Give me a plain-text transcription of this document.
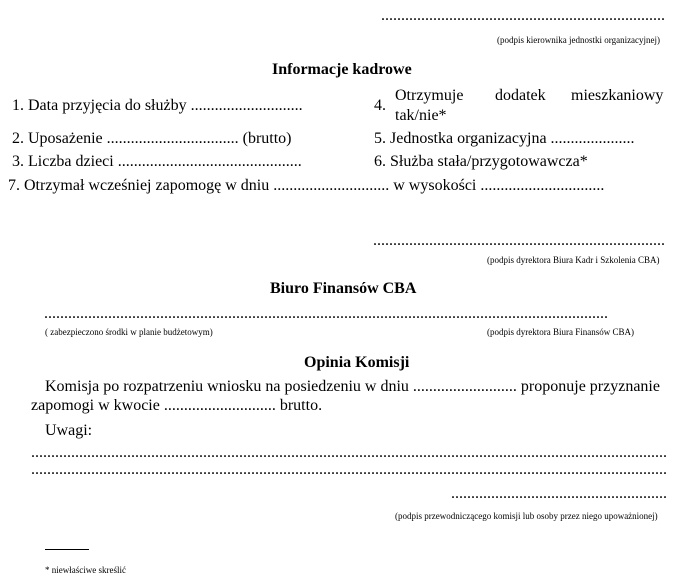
.......................................................................
(podpis kierownika jednostki organizacyjnej)
Informacje kadrowe
1. Data przyjęcia do służby ............................
2. Uposażenie ................................. (brutto)
3. Liczba dzieci ..............................................
4.
Otrzymuje dodatek mieszkaniowy
tak/nie*
5. Jednostka organizacyjna .....................
6. Służba stała/przygotowawcza*
7. Otrzymał wcześniej zapomogę w dniu ............................. w wysokości ...............................
.........................................................................
(podpis dyrektora Biura Kadr i Szkolenia CBA)
Biuro Finansów CBA
.............................................................................................................................................
( zabezpieczono środki w planie budżetowym)	(podpis dyrektora Biura Finansów CBA)
Opinia Komisji
Komisja po rozpatrzeniu wniosku na posiedzeniu w dniu .......................... proponuje przyznanie
zapomogi w kwocie ............................ brutto.
Uwagi:
...............................................................................................................................................................
...............................................................................................................................................................
......................................................
(podpis przewodniczącego komisji lub osoby przez niego upoważnionej)
* niewłaściwe skreślić
